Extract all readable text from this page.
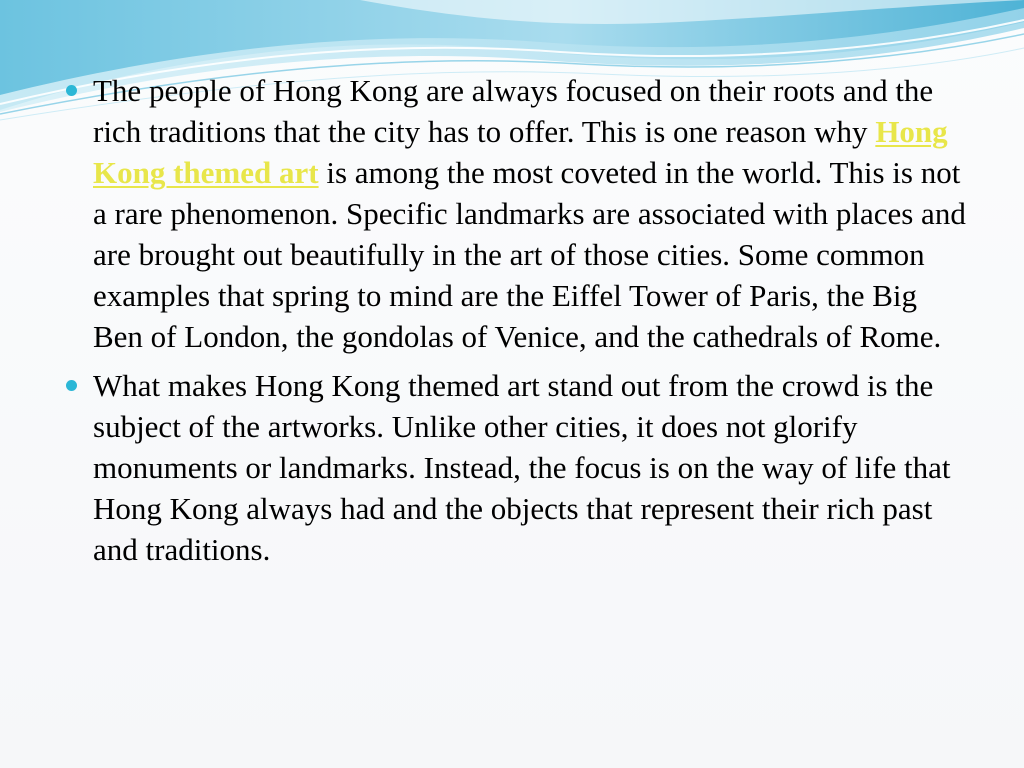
The people of Hong Kong are always focused on their roots and the rich traditions that the city has to offer. This is one reason why Hong Kong themed art is among the most coveted in the world. This is not a rare phenomenon. Specific landmarks are associated with places and are brought out beautifully in the art of those cities. Some common examples that spring to mind are the Eiffel Tower of Paris, the Big Ben of London, the gondolas of Venice, and the cathedrals of Rome.

What makes Hong Kong themed art stand out from the crowd is the subject of the artworks. Unlike other cities, it does not glorify monuments or landmarks. Instead, the focus is on the way of life that Hong Kong always had and the objects that represent their rich past and traditions.
